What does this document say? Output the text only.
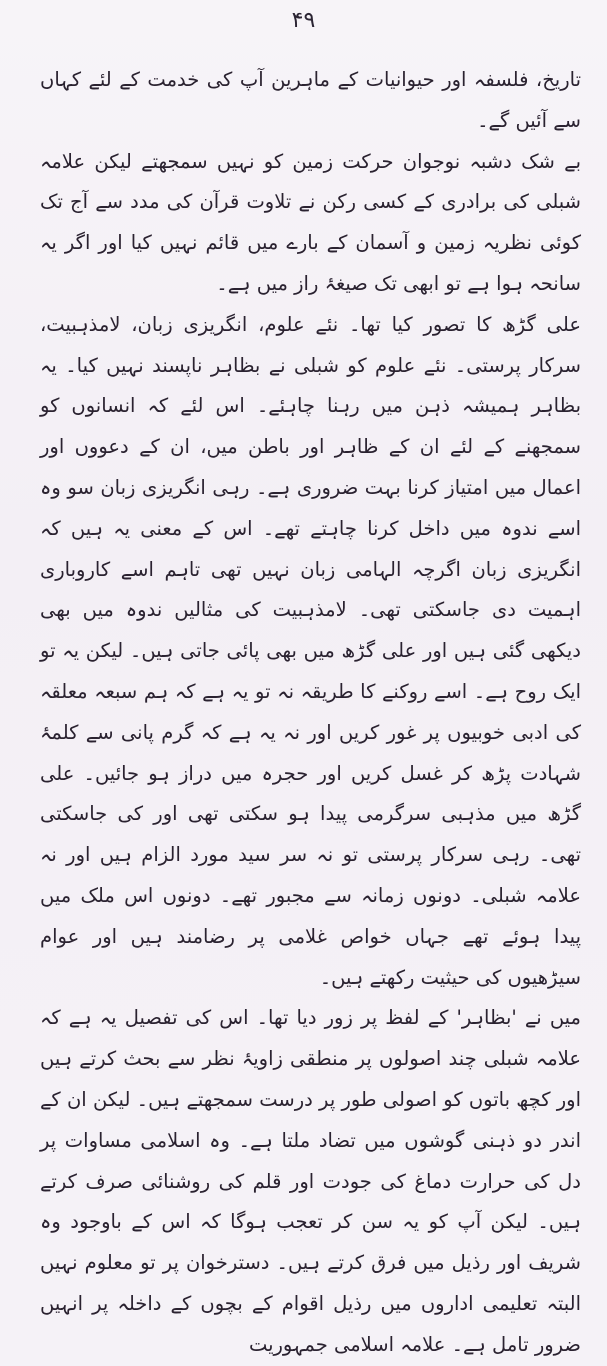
۴۹

تاریخ، فلسفہ اور حیوانیات کے ماہرین آپ کی خدمت کے لئے کہاں سے آئیں گے۔

بے شک دشبہ نوجوان حرکت زمین کو نہیں سمجھتے لیکن علامہ شبلی کی برادری کے کسی رکن نے تلاوت قرآن کی مدد سے آج تک کوئی نظریہ زمین و آسمان کے بارے میں قائم نہیں کیا اور اگر یہ سانحہ ہوا ہے تو ابھی تک صیغۂ راز میں ہے۔

علی گڑھ کا تصور کیا تھا۔ نئے علوم، انگریزی زبان، لامذہبیت، سرکار پرستی۔ نئے علوم کو شبلی نے بظاہر ناپسند نہیں کیا۔ یہ بظاہر ہمیشہ ذہن میں رہنا چاہئے۔ اس لئے کہ انسانوں کو سمجھنے کے لئے ان کے ظاہر اور باطن میں، ان کے دعووں اور اعمال میں امتیاز کرنا بہت ضروری ہے۔ رہی انگریزی زبان سو وہ اسے ندوہ میں داخل کرنا چاہتے تھے۔ اس کے معنی یہ ہیں کہ انگریزی زبان اگرچہ الہامی زبان نہیں تھی تاہم اسے کاروباری اہمیت دی جاسکتی تھی۔ لامذہبیت کی مثالیں ندوہ میں بھی دیکھی گئی ہیں اور علی گڑھ میں بھی پائی جاتی ہیں۔ لیکن یہ تو ایک روح ہے۔ اسے روکنے کا طریقہ نہ تو یہ ہے کہ ہم سبعہ معلقہ کی ادبی خوبیوں پر غور کریں اور نہ یہ ہے کہ گرم پانی سے کلمۂ شہادت پڑھ کر غسل کریں اور حجرہ میں دراز ہو جائیں۔ علی گڑھ میں مذہبی سرگرمی پیدا ہو سکتی تھی اور کی جاسکتی تھی۔ رہی سرکار پرستی تو نہ سر سید مورد الزام ہیں اور نہ علامہ شبلی۔ دونوں زمانہ سے مجبور تھے۔ دونوں اس ملک میں پیدا ہوئے تھے جہاں خواص غلامی پر رضامند ہیں اور عوام سیڑھیوں کی حیثیت رکھتے ہیں۔

میں نے 'بظاہر' کے لفظ پر زور دیا تھا۔ اس کی تفصیل یہ ہے کہ علامہ شبلی چند اصولوں پر منطقی زاویۂ نظر سے بحث کرتے ہیں اور کچھ باتوں کو اصولی طور پر درست سمجھتے ہیں۔ لیکن ان کے اندر دو ذہنی گوشوں میں تضاد ملتا ہے۔ وہ اسلامی مساوات پر دل کی حرارت دماغ کی جودت اور قلم کی روشنائی صرف کرتے ہیں۔ لیکن آپ کو یہ سن کر تعجب ہوگا کہ اس کے باوجود وہ شریف اور رذیل میں فرق کرتے ہیں۔ دسترخوان پر تو معلوم نہیں البتہ تعلیمی اداروں میں رذیل اقوام کے بچوں کے داخلہ پر انہیں ضرور تامل ہے۔ علامہ اسلامی جمہوریت
